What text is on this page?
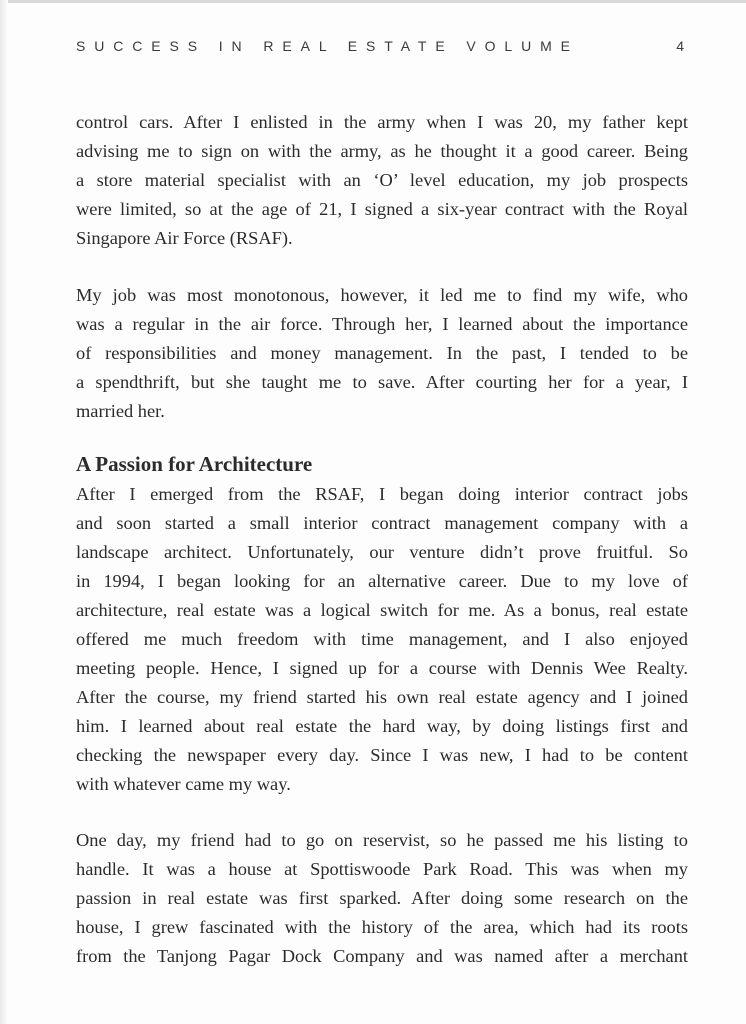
SUCCESS IN REAL ESTATE VOLUME	4

control cars. After I enlisted in the army when I was 20, my father kept
advising me to sign on with the army, as he thought it a good career. Being
a store material specialist with an ‘O’ level education, my job prospects
were limited, so at the age of 21, I signed a six-year contract with the Royal
Singapore Air Force (RSAF).

My job was most monotonous, however, it led me to find my wife, who
was a regular in the air force. Through her, I learned about the importance
of responsibilities and money management. In the past, I tended to be
a spendthrift, but she taught me to save. After courting her for a year, I
married her.

A Passion for Architecture

After I emerged from the RSAF, I began doing interior contract jobs
and soon started a small interior contract management company with a
landscape architect. Unfortunately, our venture didn’t prove fruitful. So
in 1994, I began looking for an alternative career. Due to my love of
architecture, real estate was a logical switch for me. As a bonus, real estate
offered me much freedom with time management, and I also enjoyed
meeting people. Hence, I signed up for a course with Dennis Wee Realty.
After the course, my friend started his own real estate agency and I joined
him. I learned about real estate the hard way, by doing listings first and
checking the newspaper every day. Since I was new, I had to be content
with whatever came my way.

One day, my friend had to go on reservist, so he passed me his listing to
handle. It was a house at Spottiswoode Park Road. This was when my
passion in real estate was first sparked. After doing some research on the
house, I grew fascinated with the history of the area, which had its roots
from the Tanjong Pagar Dock Company and was named after a merchant
